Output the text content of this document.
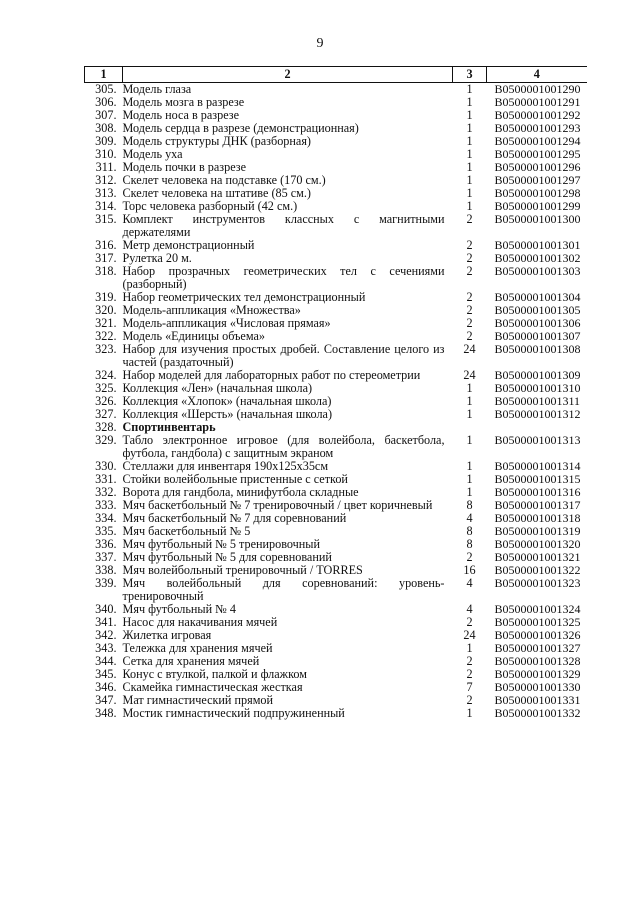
9
1	2	3	4
305.	Модель глаза	1	В0500001001290
306.	Модель мозга в разрезе	1	В0500001001291
307.	Модель носа в разрезе	1	В0500001001292
308.	Модель сердца в разрезе (демонстрационная)	1	В0500001001293
309.	Модель структуры ДНК (разборная)	1	В0500001001294
310.	Модель уха	1	В0500001001295
311.	Модель почки в разрезе	1	В0500001001296
312.	Скелет человека на подставке (170 см.)	1	В0500001001297
313.	Скелет человека на штативе (85 см.)	1	В0500001001298
314.	Торс человека разборный (42 см.)	1	В0500001001299
315.	Комплект инструментов классных с магнитными держателями	2	В0500001001300
316.	Метр демонстрационный	2	В0500001001301
317.	Рулетка 20 м.	2	В0500001001302
318.	Набор прозрачных геометрических тел с сечениями (разборный)	2	В0500001001303
319.	Набор геометрических тел демонстрационный	2	В0500001001304
320.	Модель-аппликация «Множества»	2	В0500001001305
321.	Модель-аппликация «Числовая прямая»	2	В0500001001306
322.	Модель «Единицы объема»	2	В0500001001307
323.	Набор для изучения простых дробей. Составление целого из частей (раздаточный)	24	В0500001001308
324.	Набор моделей для лабораторных работ по стереометрии	24	В0500001001309
325.	Коллекция «Лен» (начальная школа)	1	В0500001001310
326.	Коллекция «Хлопок» (начальная школа)	1	В0500001001311
327.	Коллекция «Шерсть» (начальная школа)	1	В0500001001312
328.	Спортинвентарь		
329.	Табло электронное игровое (для волейбола, баскетбола, футбола, гандбола) с защитным экраном	1	В0500001001313
330.	Стеллажи для инвентаря 190х125х35см	1	В0500001001314
331.	Стойки волейбольные пристенные с сеткой	1	В0500001001315
332.	Ворота для гандбола, минифутбола складные	1	В0500001001316
333.	Мяч баскетбольный № 7 тренировочный / цвет коричневый	8	В0500001001317
334.	Мяч баскетбольный № 7 для соревнований	4	В0500001001318
335.	Мяч баскетбольный № 5	8	В0500001001319
336.	Мяч футбольный № 5 тренировочный	8	В0500001001320
337.	Мяч футбольный № 5 для соревнований	2	В0500001001321
338.	Мяч волейбольный тренировочный / TORRES	16	В0500001001322
339.	Мяч волейбольный для соревнований: уровень-тренировочный	4	В0500001001323
340.	Мяч футбольный № 4	4	В0500001001324
341.	Насос для накачивания мячей	2	В0500001001325
342.	Жилетка игровая	24	В0500001001326
343.	Тележка для хранения мячей	1	В0500001001327
344.	Сетка для хранения мячей	2	В0500001001328
345.	Конус с втулкой, палкой и флажком	2	В0500001001329
346.	Скамейка гимнастическая жесткая	7	В0500001001330
347.	Мат гимнастический прямой	2	В0500001001331
348.	Мостик гимнастический подпружиненный	1	В0500001001332
